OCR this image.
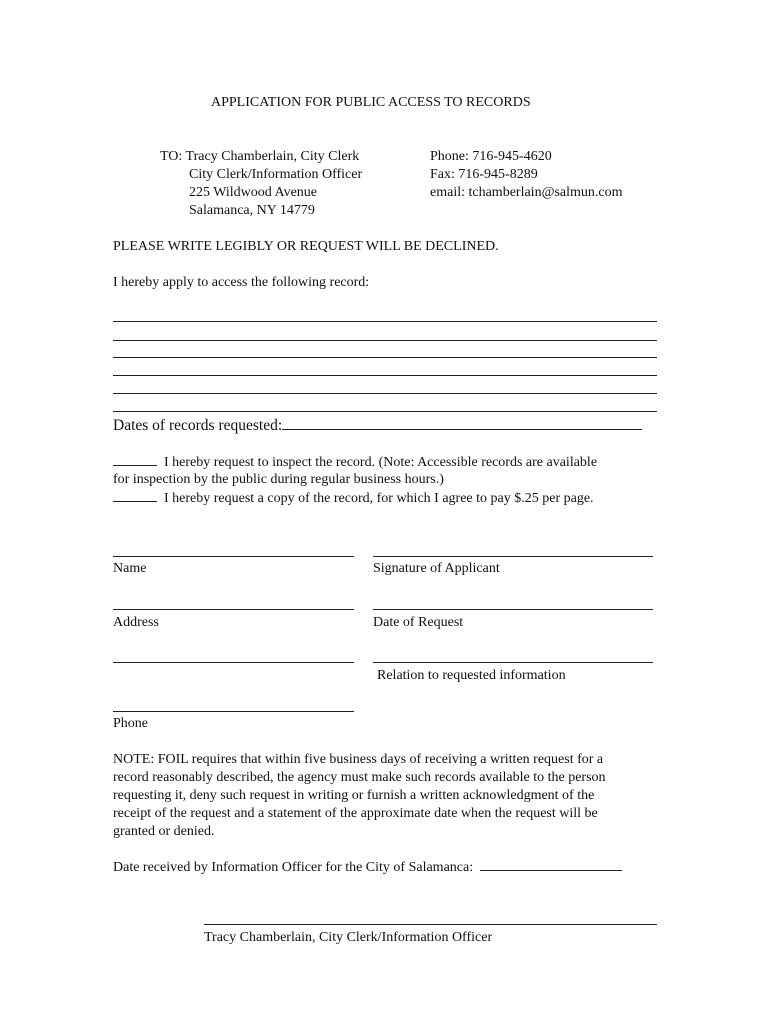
APPLICATION FOR PUBLIC ACCESS TO RECORDS
TO: Tracy Chamberlain, City Clerk
City Clerk/Information Officer
225 Wildwood Avenue
Salamanca, NY 14779
Phone: 716-945-4620
Fax: 716-945-8289
email: tchamberlain@salmun.com
PLEASE WRITE LEGIBLY OR REQUEST WILL BE DECLINED.
I hereby apply to access the following record:
Dates of records requested:
I hereby request to inspect the record. (Note: Accessible records are available
for inspection by the public during regular business hours.)
I hereby request a copy of the record, for which I agree to pay $.25 per page.
Name	Signature of Applicant
Address	Date of Request
Relation to requested information
Phone
NOTE: FOIL requires that within five business days of receiving a written request for a
record reasonably described, the agency must make such records available to the person
requesting it, deny such request in writing or furnish a written acknowledgment of the
receipt of the request and a statement of the approximate date when the request will be
granted or denied.
Date received by Information Officer for the City of Salamanca:
Tracy Chamberlain, City Clerk/Information Officer
